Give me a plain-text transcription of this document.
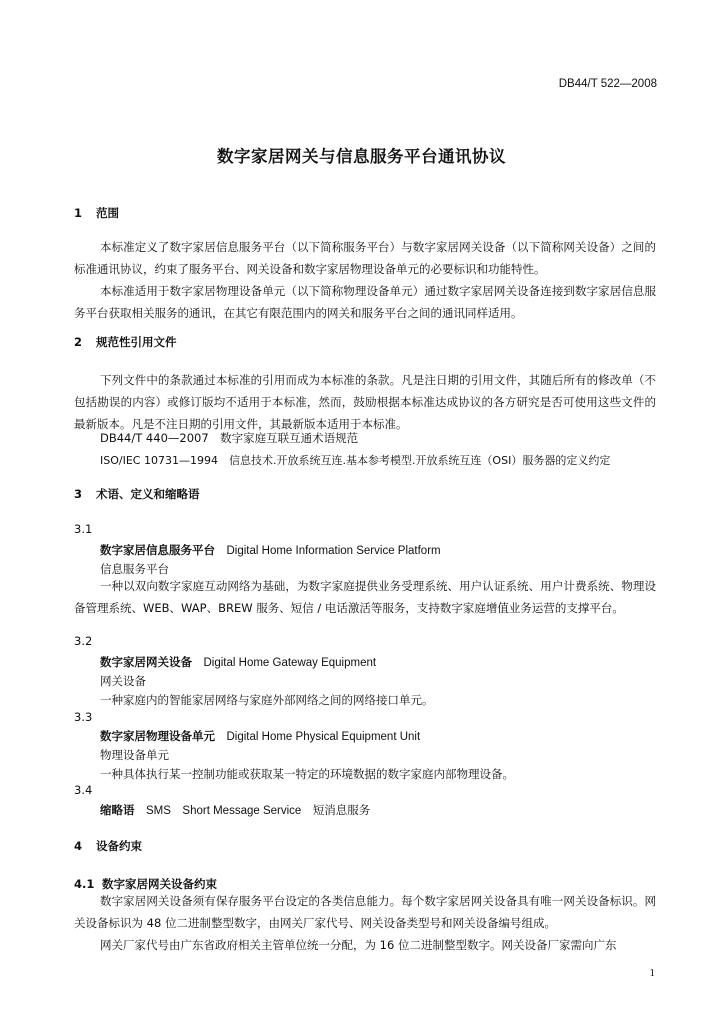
DB44/T 522—2008
数字家居网关与信息服务平台通讯协议
1 范围
本标准定义了数字家居信息服务平台（以下简称服务平台）与数字家居网关设备（以下简称网关设备）之间的标准通讯协议，约束了服务平台、网关设备和数字家居物理设备单元的必要标识和功能特性。
本标准适用于数字家居物理设备单元（以下简称物理设备单元）通过数字家居网关设备连接到数字家居信息服务平台获取相关服务的通讯，在其它有限范围内的网关和服务平台之间的通讯同样适用。
2 规范性引用文件
下列文件中的条款通过本标准的引用而成为本标准的条款。凡是注日期的引用文件，其随后所有的修改单（不包括勘误的内容）或修订版均不适用于本标准，然而，鼓励根据本标准达成协议的各方研究是否可使用这些文件的最新版本。凡是不注日期的引用文件，其最新版本适用于本标准。
DB44/T 440—2007　数字家庭互联互通术语规范
ISO/IEC 10731—1994　信息技术.开放系统互连.基本参考模型.开放系统互连（OSI）服务器的定义约定
3 术语、定义和缩略语
3.1
数字家居信息服务平台　 Digital Home Information Service Platform
信息服务平台
一种以双向数字家庭互动网络为基础，为数字家庭提供业务受理系统、用户认证系统、用户计费系统、物理设备管理系统、WEB、WAP、BREW 服务、短信 / 电话激活等服务，支持数字家庭增值业务运营的支撑平台。
3.2
数字家居网关设备　 Digital Home Gateway Equipment
网关设备
一种家庭内的智能家居网络与家庭外部网络之间的网络接口单元。
3.3
数字家居物理设备单元　 Digital Home Physical Equipment Unit
物理设备单元
一种具体执行某一控制功能或获取某一特定的环境数据的数字家庭内部物理设备。
3.4
缩略语　 SMS　 Short Message Service　 短消息服务
4 设备约束
4.1 数字家居网关设备约束
数字家居网关设备须有保存服务平台设定的各类信息能力。每个数字家居网关设备具有唯一网关设备标识。网关设备标识为 48 位二进制整型数字，由网关厂家代号、网关设备类型号和网关设备编号组成。
网关厂家代号由广东省政府相关主管单位统一分配，为 16 位二进制整型数字。网关设备厂家需向广东
1
